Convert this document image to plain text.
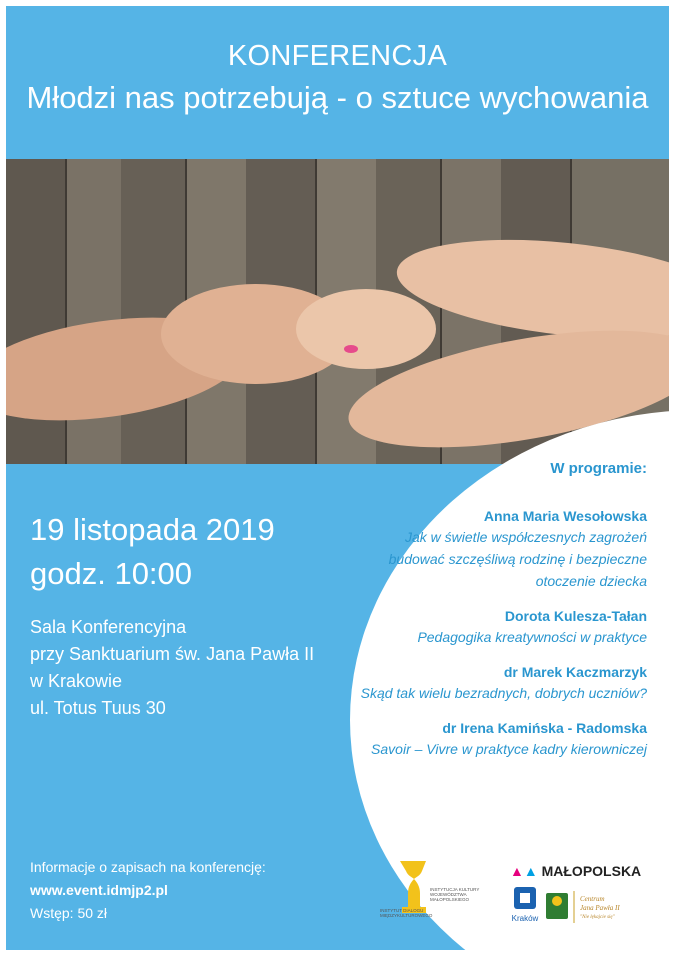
KONFERENCJA
Młodzi nas potrzebują - o sztuce wychowania
19 listopada 2019
godz. 10:00
Sala Konferencyjna
przy Sanktuarium św. Jana Pawła II
w Krakowie
ul. Totus Tuus 30
Informacje o zapisach na konferencję:
www.event.idmjp2.pl
Wstęp: 50 zł
W programie:
Anna Maria Wesołowska
Jak w świetle współczesnych zagrożeń
budować szczęśliwą rodzinę i bezpieczne
otoczenie dziecka
Dorota Kulesza-Tałan
Pedagogika kreatywności w praktyce
dr Marek Kaczmarzyk
Skąd tak wielu bezradnych, dobrych uczniów?
dr Irena Kamińska - Radomska
Savoir – Vivre w praktyce kadry kierowniczej
INSTYTUCJA KULTURY
WOJEWÓDZTWA
MAŁOPOLSKIEGO
INSTYTUT DIALOGU
MIĘDZYKULTUROWEGO
▲▲ MAŁOPOLSKA
Kraków
Centrum
Jana Pawła II
"Nie lękajcie się"
